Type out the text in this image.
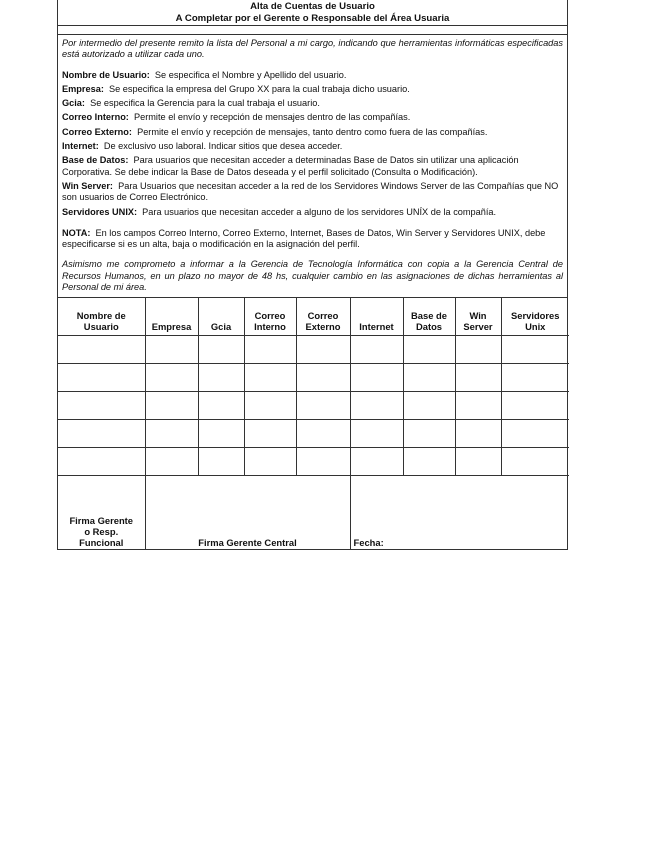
Alta de Cuentas de Usuario
A Completar por el Gerente o Responsable del Área Usuaria

Por intermedio del presente remito la lista del Personal a mi cargo, indicando que herramientas informáticas especificadas está autorizado a utilizar cada uno.

Nombre de Usuario: Se especifica el Nombre y Apellido del usuario.

Empresa: Se especifica la empresa del Grupo XX para la cual trabaja dicho usuario.

Gcia: Se especifica la Gerencia para la cual trabaja el usuario.

Correo Interno: Permite el envío y recepción de mensajes dentro de las compañías.

Correo Externo: Permite el envío y recepción de mensajes, tanto dentro como fuera de las compañías.

Internet: De exclusivo uso laboral. Indicar sitios que desea acceder.

Base de Datos: Para usuarios que necesitan acceder a determinadas Base de Datos sin utilizar una aplicación Corporativa. Se debe indicar la Base de Datos deseada y el perfil solicitado (Consulta o Modificación).

Win Server: Para Usuarios que necesitan acceder a la red de los Servidores Windows Server de las Compañías que NO son usuarios de Correo Electrónico.

Servidores UNIX: Para usuarios que necesitan acceder a alguno de los servidores UNÍX de la compañía.

NOTA: En los campos Correo Interno, Correo Externo, Internet, Bases de Datos, Win Server y Servidores UNIX, debe especificarse si es un alta, baja o modificación en la asignación del perfil.

Asimismo me comprometo a informar a la Gerencia de Tecnología Informática con copia a la Gerencia Central de Recursos Humanos, en un plazo no mayor de 48 hs, cualquier cambio en las asignaciones de dichas herramientas al Personal de mi área.

Nombre de
Usuario	Empresa	Gcia	Correo
Interno	Correo
Externo	Internet	Base de
Datos	Win
Server	Servidores
Unix

Firma Gerente
o Resp.
Funcional	Firma Gerente Central				Fecha:			
